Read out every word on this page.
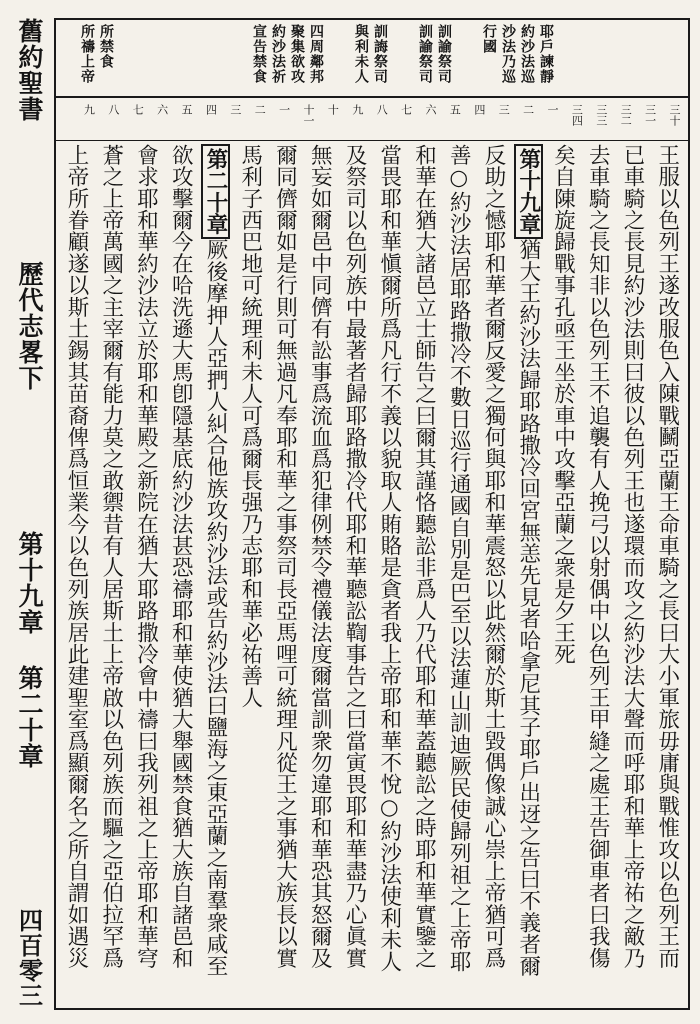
舊約聖書
歷代志畧下
第十九章 第二十章
四百零三
耶戶諫靜
約沙法巡
沙法乃巡
行國
訓諭祭司
訓諭祭司
訓誨祭司
與利未人
四周鄰邦
聚集欲攻
約沙法祈
宣告禁食
所禁食
所禱上帝
三十
三一
三二
三三
三四
一
二
三
四
五
六
七
八
九
十
十一
一
二
三
四
五
六
七
八
九
王服以色列王遂改服色入陳戰鬭亞蘭王命車騎之長曰大小軍旅毋庸與戰惟攻以色列王而
已車騎之長見約沙法則曰彼以色列王也遂環而攻之約沙法大聲而呼耶和華上帝祐之敵乃
去車騎之長知非以色列王不追襲有人挽弓以射偶中以色列王甲縫之處王告御車者曰我傷
矣自陳旋歸戰事孔亟王坐於車中攻擊亞蘭之衆是夕王死
第十九章猶大王約沙法歸耶路撒冷回宮無恙先見者哈拿尼其子耶戶出迓之告曰不義者爾
反助之憾耶和華者爾反愛之獨何與耶和華震怒以此然爾於斯土毀偶像誠心崇上帝猶可爲
善○約沙法居耶路撒冷不數日巡行通國自別是巴至以法蓮山訓迪厥民使歸列祖之上帝耶
和華在猶大諸邑立士師告之曰爾其謹恪聽訟非爲人乃代耶和華蓋聽訟之時耶和華實鑒之
當畏耶和華愼爾所爲凡行不義以貌取人賄賂是貪者我上帝耶和華不悅○約沙法使利未人
及祭司以色列族中最著者歸耶路撒冷代耶和華聽訟鞫事告之曰當寅畏耶和華盡乃心眞實
無妄如爾邑中同儕有訟事爲流血爲犯律例禁令禮儀法度爾當訓衆勿違耶和華恐其怒爾及
爾同儕爾如是行則可無過凡奉耶和華之事祭司長亞馬哩可統理凡從王之事猶大族長以實
馬利子西巴地可統理利未人可爲爾長强乃志耶和華必祐善人
第二十章厥後摩押人亞捫人糾合他族攻約沙法或告約沙法曰鹽海之東亞蘭之南羣衆咸至
欲攻擊爾今在哈洗遜大馬卽隱基底約沙法甚恐禱耶和華使猶大舉國禁食猶大族自諸邑和
會求耶和華約沙法立於耶和華殿之新院在猶大耶路撒冷會中禱曰我列祖之上帝耶和華穹
蒼之上帝萬國之主宰爾有能力莫之敢禦昔有人居斯土上帝啟以色列族而驅之亞伯拉罕爲
上帝所眷顧遂以斯土錫其苗裔俾爲恒業今以色列族居此建聖室爲顯爾名之所自謂如遇災
